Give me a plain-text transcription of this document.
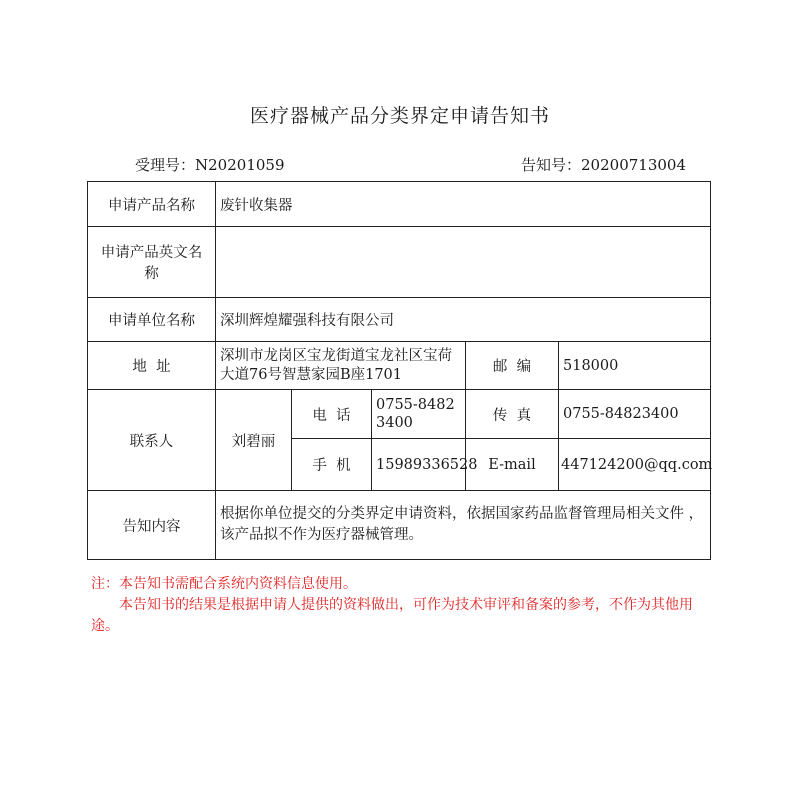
医疗器械产品分类界定申请告知书
受理号：N20201059	告知号：20200713004
申请产品名称	废针收集器				
申请产品英文名称					
申请单位名称	深圳辉煌耀强科技有限公司				
地  址	深圳市龙岗区宝龙街道宝龙社区宝荷大道76号智慧家园B座1701			邮  编	518000
联系人	刘碧丽	电  话	0755-84823400	传  真	0755-84823400
		手  机	15989336528	E-mail	447124200@qq.com
告知内容	根据你单位提交的分类界定申请资料，依据国家药品监督管理局相关文件 ，该产品拟不作为医疗器械管理。				
注：本告知书需配合系统内资料信息使用。
本告知书的结果是根据申请人提供的资料做出，可作为技术审评和备案的参考，不作为其他用途。
